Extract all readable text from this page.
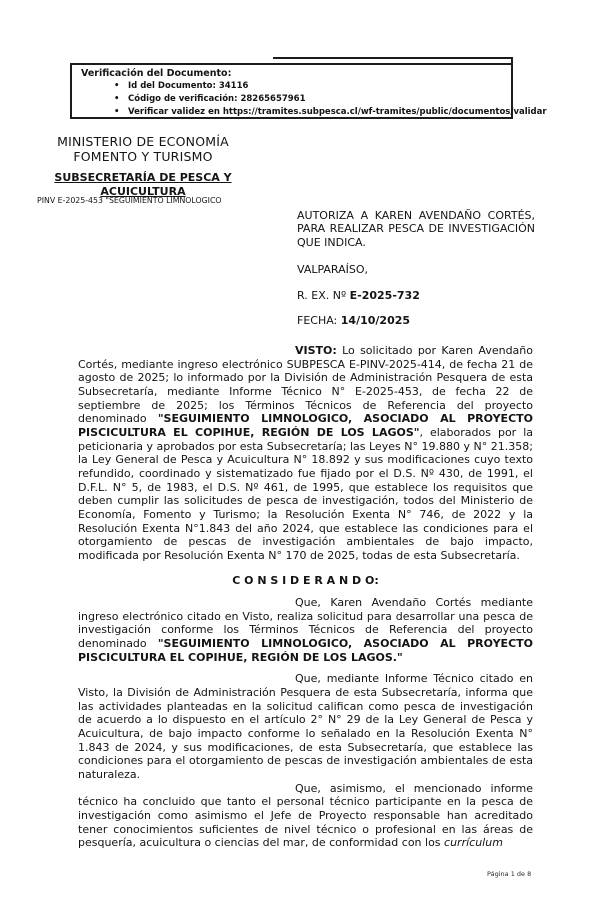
Verificación del Documento:
• Id del Documento: 34116
• Código de verificación: 28265657961
• Verificar validez en https://tramites.subpesca.cl/wf-tramites/public/documentos/validar
MINISTERIO DE ECONOMÍA
FOMENTO Y TURISMO
SUBSECRETARÍA DE PESCA Y
ACUICULTURA
PINV E-2025-453 "SEGUIMIENTO LIMNOLOGICO

AUTORIZA A KAREN AVENDAÑO CORTÉS, PARA REALIZAR PESCA DE INVESTIGACIÓN QUE INDICA.

VALPARAÍSO,

R. EX. Nº E-2025-732

FECHA: 14/10/2025

VISTO: Lo solicitado por Karen Avendaño Cortés, mediante ingreso electrónico SUBPESCA E-PINV-2025-414, de fecha 21 de agosto de 2025; lo informado por la División de Administración Pesquera de esta Subsecretaría, mediante Informe Técnico N° E-2025-453, de fecha 22 de septiembre de 2025; los Términos Técnicos de Referencia del proyecto denominado "SEGUIMIENTO LIMNOLOGICO, ASOCIADO AL PROYECTO PISCICULTURA EL COPIHUE, REGIÓN DE LOS LAGOS", elaborados por la peticionaria y aprobados por esta Subsecretaría; las Leyes N° 19.880 y N° 21.358; la Ley General de Pesca y Acuicultura N° 18.892 y sus modificaciones cuyo texto refundido, coordinado y sistematizado fue fijado por el D.S. Nº 430, de 1991, el D.F.L. N° 5, de 1983, el D.S. Nº 461, de 1995, que establece los requisitos que deben cumplir las solicitudes de pesca de investigación, todos del Ministerio de Economía, Fomento y Turismo; la Resolución Exenta N° 746, de 2022 y la Resolución Exenta N°1.843 del año 2024, que establece las condiciones para el otorgamiento de pescas de investigación ambientales de bajo impacto, modificada por Resolución Exenta N° 170 de 2025, todas de esta Subsecretaría.

C O N S I D E R A N D O:

Que, Karen Avendaño Cortés mediante ingreso electrónico citado en Visto, realiza solicitud para desarrollar una pesca de investigación conforme los Términos Técnicos de Referencia del proyecto denominado "SEGUIMIENTO LIMNOLOGICO, ASOCIADO AL PROYECTO PISCICULTURA EL COPIHUE, REGIÓN DE LOS LAGOS."

Que, mediante Informe Técnico citado en Visto, la División de Administración Pesquera de esta Subsecretaría, informa que las actividades planteadas en la solicitud califican como pesca de investigación de acuerdo a lo dispuesto en el artículo 2° N° 29 de la Ley General de Pesca y Acuicultura, de bajo impacto conforme lo señalado en la Resolución Exenta N° 1.843 de 2024, y sus modificaciones, de esta Subsecretaría, que establece las condiciones para el otorgamiento de pescas de investigación ambientales de esta naturaleza.

Que, asimismo, el mencionado informe técnico ha concluido que tanto el personal técnico participante en la pesca de investigación como asimismo el Jefe de Proyecto responsable han acreditado tener conocimientos suficientes de nivel técnico o profesional en las áreas de pesquería, acuicultura o ciencias del mar, de conformidad con los currículum

Página 1 de 8
